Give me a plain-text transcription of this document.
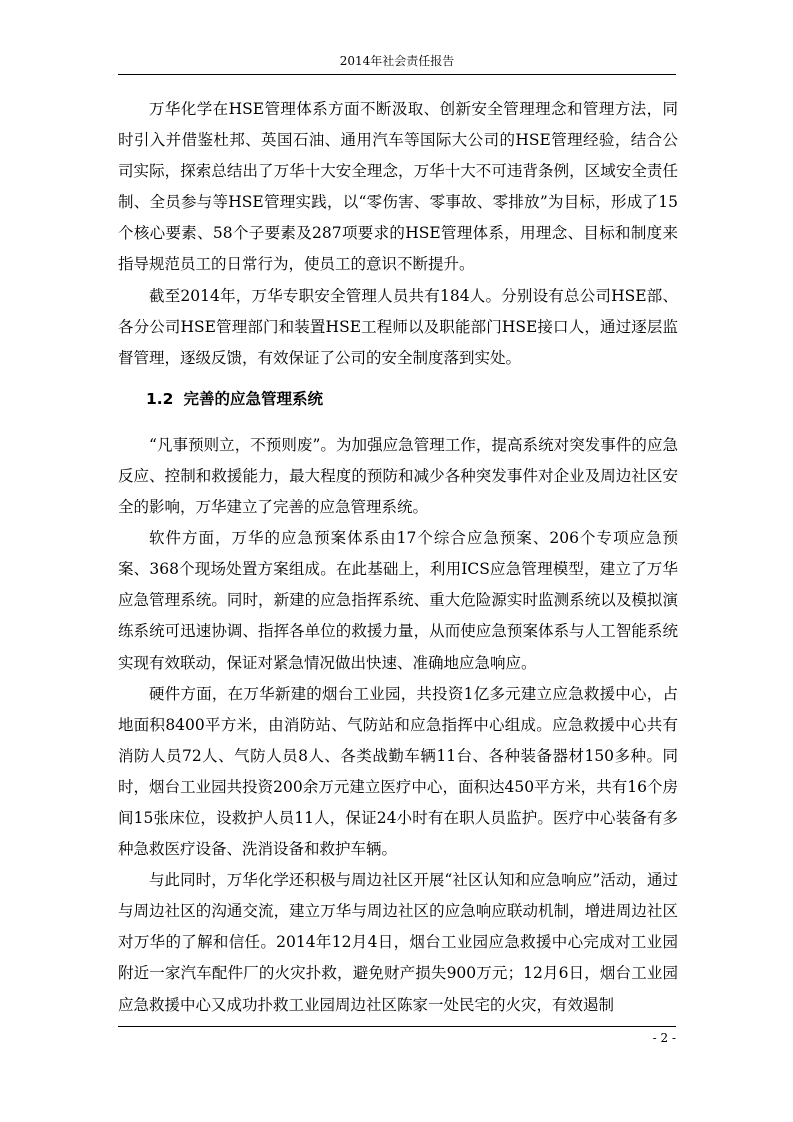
2014年社会责任报告

万华化学在HSE管理体系方面不断汲取、创新安全管理理念和管理方法，同时引入并借鉴杜邦、英国石油、通用汽车等国际大公司的HSE管理经验，结合公司实际，探索总结出了万华十大安全理念，万华十大不可违背条例，区域安全责任制、全员参与等HSE管理实践，以“零伤害、零事故、零排放”为目标，形成了15个核心要素、58个子要素及287项要求的HSE管理体系，用理念、目标和制度来指导规范员工的日常行为，使员工的意识不断提升。

截至2014年，万华专职安全管理人员共有184人。分别设有总公司HSE部、各分公司HSE管理部门和装置HSE工程师以及职能部门HSE接口人，通过逐层监督管理，逐级反馈，有效保证了公司的安全制度落到实处。

1.2 完善的应急管理系统

“凡事预则立，不预则废”。为加强应急管理工作，提高系统对突发事件的应急反应、控制和救援能力，最大程度的预防和减少各种突发事件对企业及周边社区安全的影响，万华建立了完善的应急管理系统。

软件方面，万华的应急预案体系由17个综合应急预案、206个专项应急预案、368个现场处置方案组成。在此基础上，利用ICS应急管理模型，建立了万华应急管理系统。同时，新建的应急指挥系统、重大危险源实时监测系统以及模拟演练系统可迅速协调、指挥各单位的救援力量，从而使应急预案体系与人工智能系统实现有效联动，保证对紧急情况做出快速、准确地应急响应。

硬件方面，在万华新建的烟台工业园，共投资1亿多元建立应急救援中心，占地面积8400平方米，由消防站、气防站和应急指挥中心组成。应急救援中心共有消防人员72人、气防人员8人、各类战勤车辆11台、各种装备器材150多种。同时，烟台工业园共投资200余万元建立医疗中心，面积达450平方米，共有16个房间15张床位，设救护人员11人，保证24小时有在职人员监护。医疗中心装备有多种急救医疗设备、洗消设备和救护车辆。

与此同时，万华化学还积极与周边社区开展“社区认知和应急响应”活动，通过与周边社区的沟通交流，建立万华与周边社区的应急响应联动机制，增进周边社区对万华的了解和信任。2014年12月4日，烟台工业园应急救援中心完成对工业园附近一家汽车配件厂的火灾扑救，避免财产损失900万元；12月6日，烟台工业园应急救援中心又成功扑救工业园周边社区陈家一处民宅的火灾，有效遏制

- 2 -
